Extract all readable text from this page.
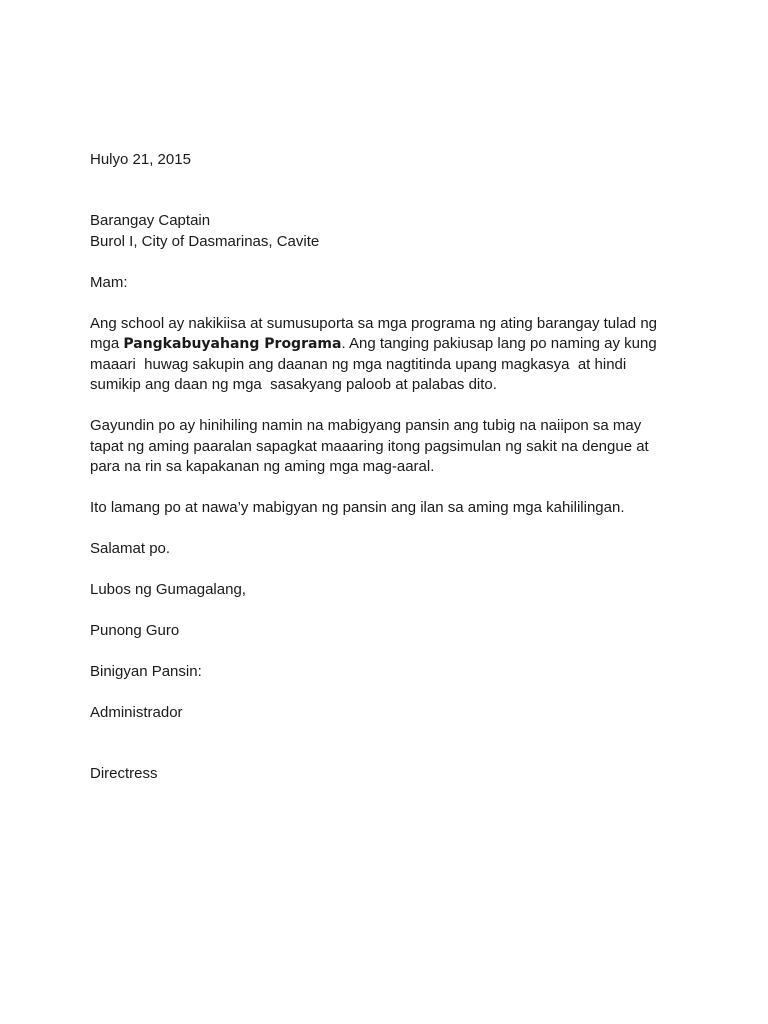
Hulyo 21, 2015

Barangay Captain

Burol I, City of Dasmarinas, Cavite

Mam:

Ang school ay nakikiisa at sumusuporta sa mga programa ng ating barangay tulad ng

mga Pangkabuyahang Programa. Ang tanging pakiusap lang po naming ay kung

maaari  huwag sakupin ang daanan ng mga nagtitinda upang magkasya  at hindi

sumikip ang daan ng mga  sasakyang paloob at palabas dito.

Gayundin po ay hinihiling namin na mabigyang pansin ang tubig na naiipon sa may

tapat ng aming paaralan sapagkat maaaring itong pagsimulan ng sakit na dengue at

para na rin sa kapakanan ng aming mga mag-aaral.

Ito lamang po at nawa’y mabigyan ng pansin ang ilan sa aming mga kahililingan.

Salamat po.

Lubos ng Gumagalang,

Punong Guro

Binigyan Pansin:

Administrador

Directress
